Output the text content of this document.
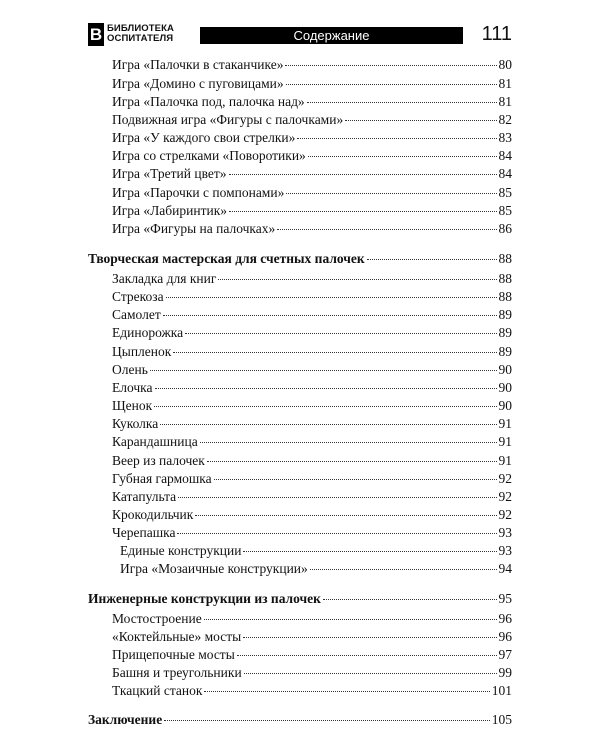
В БИБЛИОТЕКА
ОСПИТАТЕЛЯ	Содержание	111
Игра «Палочки в стаканчике»	80
Игра «Домино с пуговицами»	81
Игра «Палочка под, палочка над»	81
Подвижная игра «Фигуры с палочками»	82
Игра «У каждого свои стрелки»	83
Игра со стрелками «Поворотики»	84
Игра «Третий цвет»	84
Игра «Парочки с помпонами»	85
Игра «Лабиринтик»	85
Игра «Фигуры на палочках»	86
Творческая мастерская для счетных палочек	88
Закладка для книг	88
Стрекоза	88
Самолет	89
Единорожка	89
Цыпленок	89
Олень	90
Елочка	90
Щенок	90
Куколка	91
Карандашница	91
Веер из палочек	91
Губная гармошка	92
Катапульта	92
Крокодильчик	92
Черепашка	93
Единые конструкции	93
Игра «Мозаичные конструкции»	94
Инженерные конструкции из палочек	95
Мостостроение	96
«Коктейльные» мосты	96
Прищепочные мосты	97
Башня и треугольники	99
Ткацкий станок	101
Заключение	105
